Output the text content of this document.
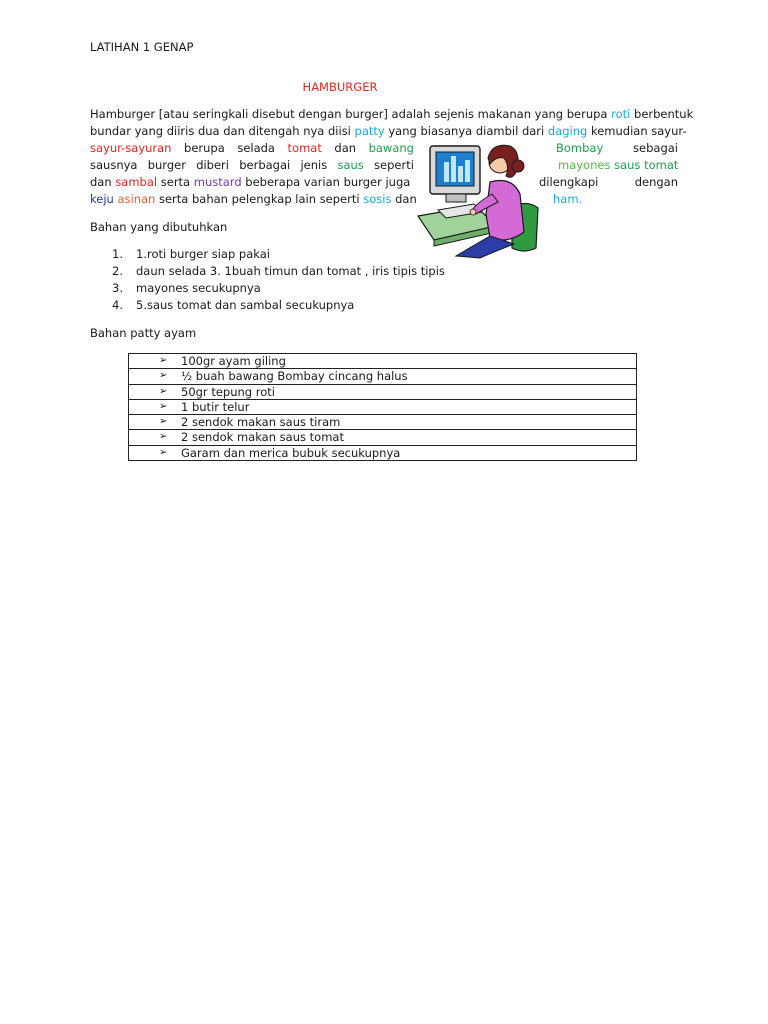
LATIHAN 1 GENAP
HAMBURGER
Hamburger [atau seringkali disebut dengan burger] adalah sejenis makanan yang berupa roti berbentuk
bundar yang diiris dua dan ditengah nya diisi patty yang biasanya diambil dari daging kemudian sayur-
sayur-sayuran berupa selada tomat dan bawang	Bombay	sebagai
sausnya burger diberi berbagai jenis saus seperti	mayones saus tomat
dan sambal serta mustard beberapa varian burger juga	dilengkapi	dengan
keju asinan serta bahan pelengkap lain seperti sosis dan	ham.
Bahan yang dibutuhkan
1. 1.roti burger siap pakai
2. daun selada 3. 1buah timun dan tomat , iris tipis tipis
3. mayones secukupnya
4. 5.saus tomat dan sambal secukupnya
Bahan patty ayam
➢ 100gr ayam giling
➢ ½ buah bawang Bombay cincang halus
➢ 50gr tepung roti
➢ 1 butir telur
➢ 2 sendok makan saus tiram
➢ 2 sendok makan saus tomat
➢ Garam dan merica bubuk secukupnya
